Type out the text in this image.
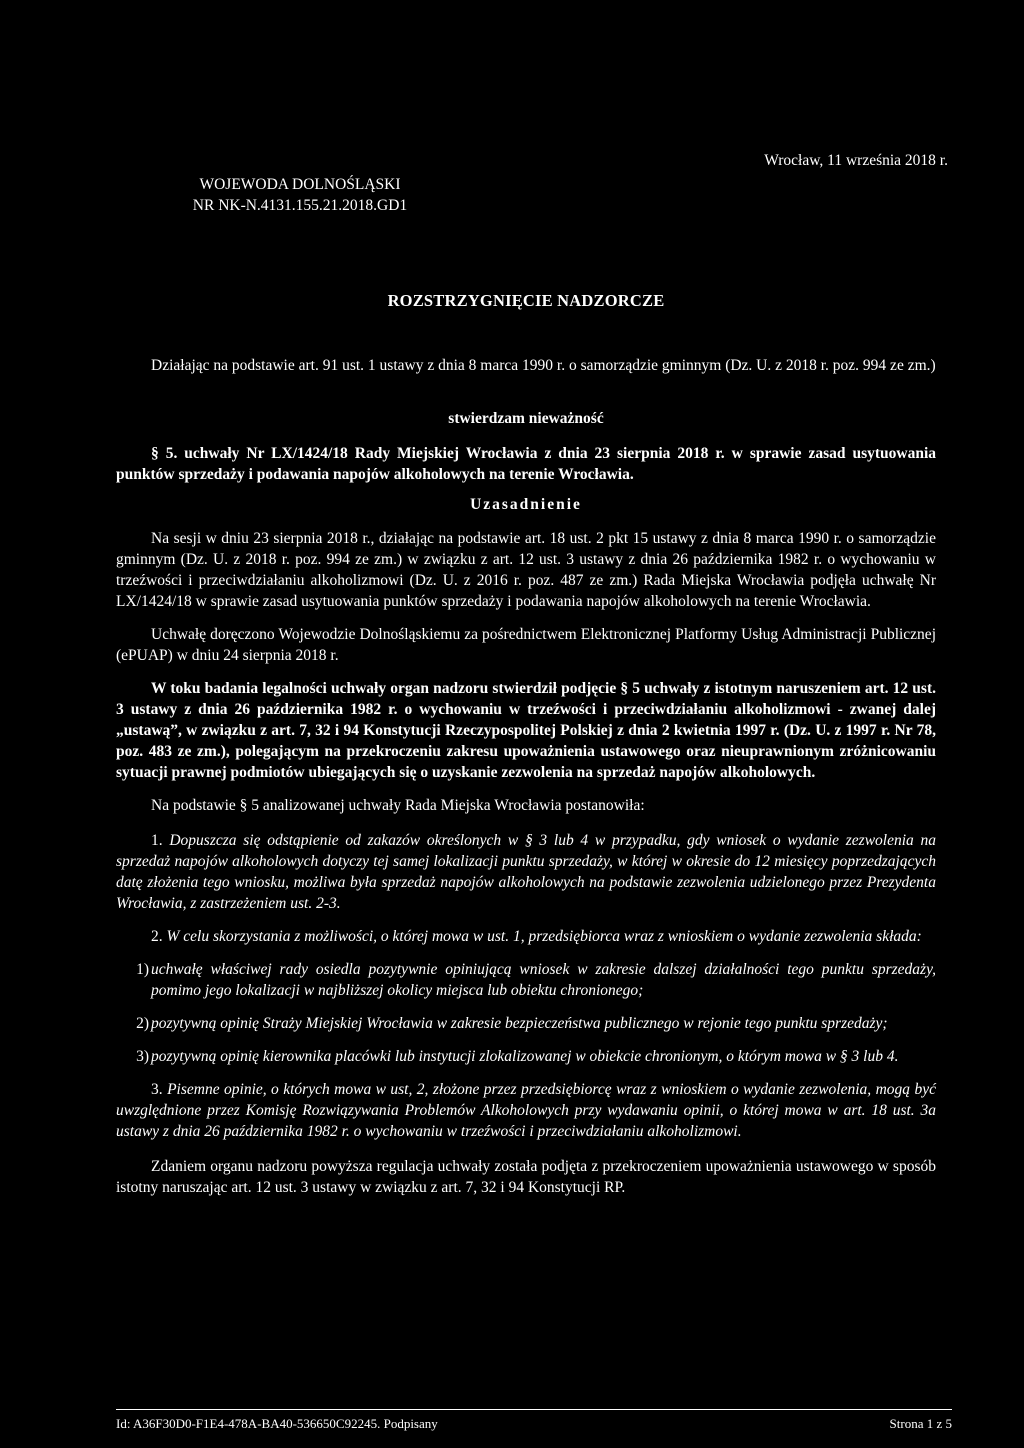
WOJEWODA DOLNOŚLĄSKI
NR NK-N.4131.155.21.2018.GD1
Wrocław, 11 września 2018 r.
ROZSTRZYGNIĘCIE NADZORCZE

Działając na podstawie art. 91 ust. 1 ustawy z dnia 8 marca 1990 r. o samorządzie gminnym (Dz. U. z 2018 r. poz. 994 ze zm.)

stwierdzam nieważność

§ 5. uchwały Nr LX/1424/18 Rady Miejskiej Wrocławia z dnia 23 sierpnia 2018 r. w sprawie zasad usytuowania punktów sprzedaży i podawania napojów alkoholowych na terenie Wrocławia.

Uzasadnienie

Na sesji w dniu 23 sierpnia 2018 r., działając na podstawie art. 18 ust. 2 pkt 15 ustawy z dnia 8 marca 1990 r. o samorządzie gminnym (Dz. U. z 2018 r. poz. 994 ze zm.) w związku z art. 12 ust. 3 ustawy z dnia 26 października 1982 r. o wychowaniu w trzeźwości i przeciwdziałaniu alkoholizmowi (Dz. U. z 2016 r. poz. 487 ze zm.) Rada Miejska Wrocławia podjęła uchwałę Nr LX/1424/18 w sprawie zasad usytuowania punktów sprzedaży i podawania napojów alkoholowych na terenie Wrocławia.

Uchwałę doręczono Wojewodzie Dolnośląskiemu za pośrednictwem Elektronicznej Platformy Usług Administracji Publicznej (ePUAP) w dniu 24 sierpnia 2018 r.

W toku badania legalności uchwały organ nadzoru stwierdził podjęcie § 5 uchwały z istotnym naruszeniem art. 12 ust. 3 ustawy z dnia 26 października 1982 r. o wychowaniu w trzeźwości i przeciwdziałaniu alkoholizmowi - zwanej dalej „ustawą”, w związku z art. 7, 32 i 94 Konstytucji Rzeczypospolitej Polskiej z dnia 2 kwietnia 1997 r. (Dz. U. z 1997 r. Nr 78, poz. 483 ze zm.), polegającym na przekroczeniu zakresu upoważnienia ustawowego oraz nieuprawnionym zróżnicowaniu sytuacji prawnej podmiotów ubiegających się o uzyskanie zezwolenia na sprzedaż napojów alkoholowych.

Na podstawie § 5 analizowanej uchwały Rada Miejska Wrocławia postanowiła:

1. Dopuszcza się odstąpienie od zakazów określonych w § 3 lub 4 w przypadku, gdy wniosek o wydanie zezwolenia na sprzedaż napojów alkoholowych dotyczy tej samej lokalizacji punktu sprzedaży, w której w okresie do 12 miesięcy poprzedzających datę złożenia tego wniosku, możliwa była sprzedaż napojów alkoholowych na podstawie zezwolenia udzielonego przez Prezydenta Wrocławia, z zastrzeżeniem ust. 2-3.

2. W celu skorzystania z możliwości, o której mowa w ust. 1, przedsiębiorca wraz z wnioskiem o wydanie zezwolenia składa:

1) uchwałę właściwej rady osiedla pozytywnie opiniującą wniosek w zakresie dalszej działalności tego punktu sprzedaży, pomimo jego lokalizacji w najbliższej okolicy miejsca lub obiektu chronionego;
2) pozytywną opinię Straży Miejskiej Wrocławia w zakresie bezpieczeństwa publicznego w rejonie tego punktu sprzedaży;
3) pozytywną opinię kierownika placówki lub instytucji zlokalizowanej w obiekcie chronionym, o którym mowa w § 3 lub 4.

3. Pisemne opinie, o których mowa w ust, 2, złożone przez przedsiębiorcę wraz z wnioskiem o wydanie zezwolenia, mogą być uwzględnione przez Komisję Rozwiązywania Problemów Alkoholowych przy wydawaniu opinii, o której mowa w art. 18 ust. 3a ustawy z dnia 26 października 1982 r. o wychowaniu w trzeźwości i przeciwdziałaniu alkoholizmowi.

Zdaniem organu nadzoru powyższa regulacja uchwały została podjęta z przekroczeniem upoważnienia ustawowego w sposób istotny naruszając art. 12 ust. 3 ustawy w związku z art. 7, 32 i 94 Konstytucji RP.

Id: A36F30D0-F1E4-478A-BA40-536650C92245. Podpisany	Strona 1 z 5
